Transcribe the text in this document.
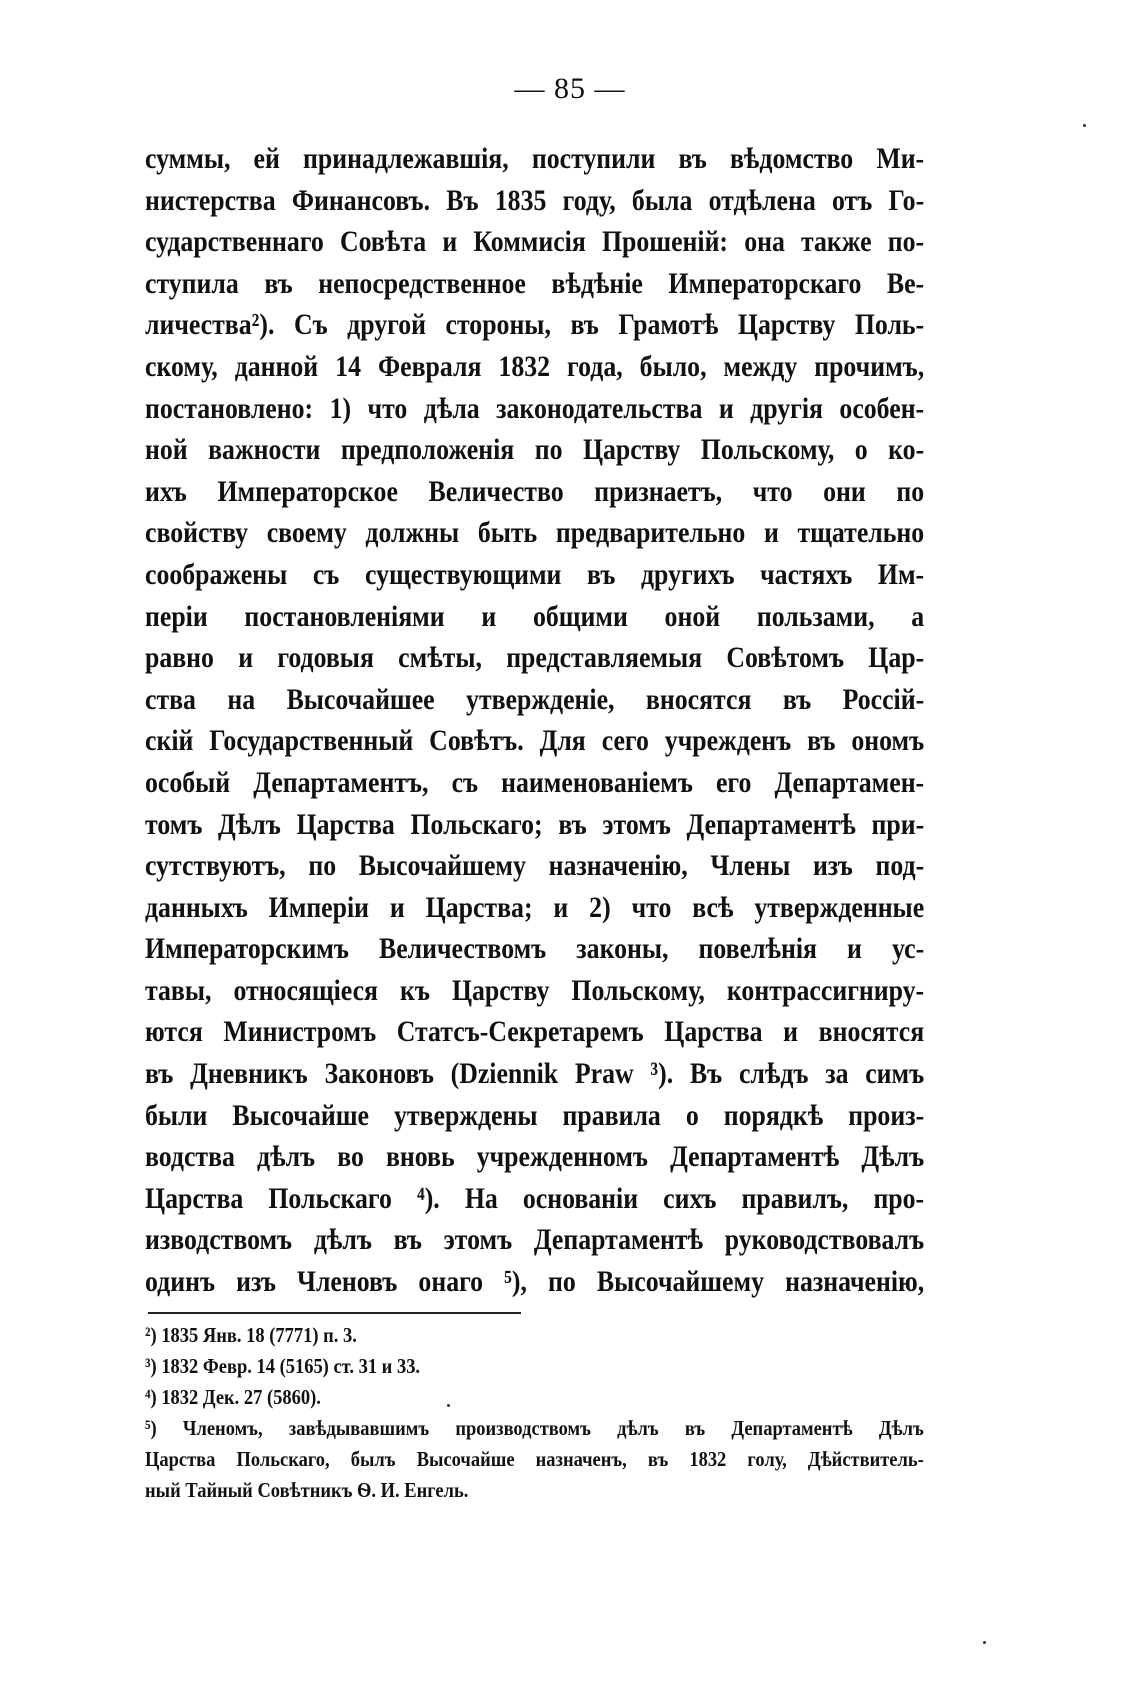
— 85 —
суммы, ей принадлежавшія, поступили въ вѣдомство Ми-
нистерства Финансовъ. Въ 1835 году, была отдѣлена отъ Го-
сударственнаго Совѣта и Коммисія Прошеній: она также по-
ступила въ непосредственное вѣдѣніе Императорскаго Ве-
личества²). Съ другой стороны, въ Грамотѣ Царству Поль-
скому, данной 14 Февраля 1832 года, было, между прочимъ,
постановлено: 1) что дѣла законодательства и другія особен-
ной важности предположенія по Царству Польскому, о ко-
ихъ Императорское Величество признаетъ, что они по
свойству своему должны быть предварительно и тщательно
соображены съ существующими въ другихъ частяхъ Им-
періи постановленіями и общими оной пользами, а
равно и годовыя смѣты, представляемыя Совѣтомъ Цар-
ства на Высочайшее утвержденіе, вносятся въ Россій-
скій Государственный Совѣтъ. Для сего учрежденъ въ ономъ
особый Департаментъ, съ наименованіемъ его Департамен-
томъ Дѣлъ Царства Польскаго; въ этомъ Департаментѣ при-
сутствуютъ, по Высочайшему назначенію, Члены изъ под-
данныхъ Имперіи и Царства; и 2) что всѣ утвержденные
Императорскимъ Величествомъ законы, повелѣнія и ус-
тавы, относящіеся къ Царству Польскому, контрассигниру-
ются Министромъ Статсъ-Секретаремъ Царства и вносятся
въ Дневникъ Законовъ (Dziennik Praw ³). Въ слѣдъ за симъ
были Высочайше утверждены правила о порядкѣ произ-
водства дѣлъ во вновь учрежденномъ Департаментѣ Дѣлъ
Царства Польскаго ⁴). На основаніи сихъ правилъ, про-
изводствомъ дѣлъ въ этомъ Департаментѣ руководствовалъ
одинъ изъ Членовъ онаго ⁵), по Высочайшему назначенію,
²) 1835 Янв. 18 (7771) п. 3.
³) 1832 Февр. 14 (5165) ст. 31 и 33.
⁴) 1832 Дек. 27 (5860).
⁵) Членомъ, завѣдывавшимъ производствомъ дѣлъ въ Департаментѣ Дѣлъ
Царства Польскаго, былъ Высочайше назначенъ, въ 1832 голу, Дѣйствитель-
ный Тайный Совѣтникъ Ѳ. И. Енгель.
